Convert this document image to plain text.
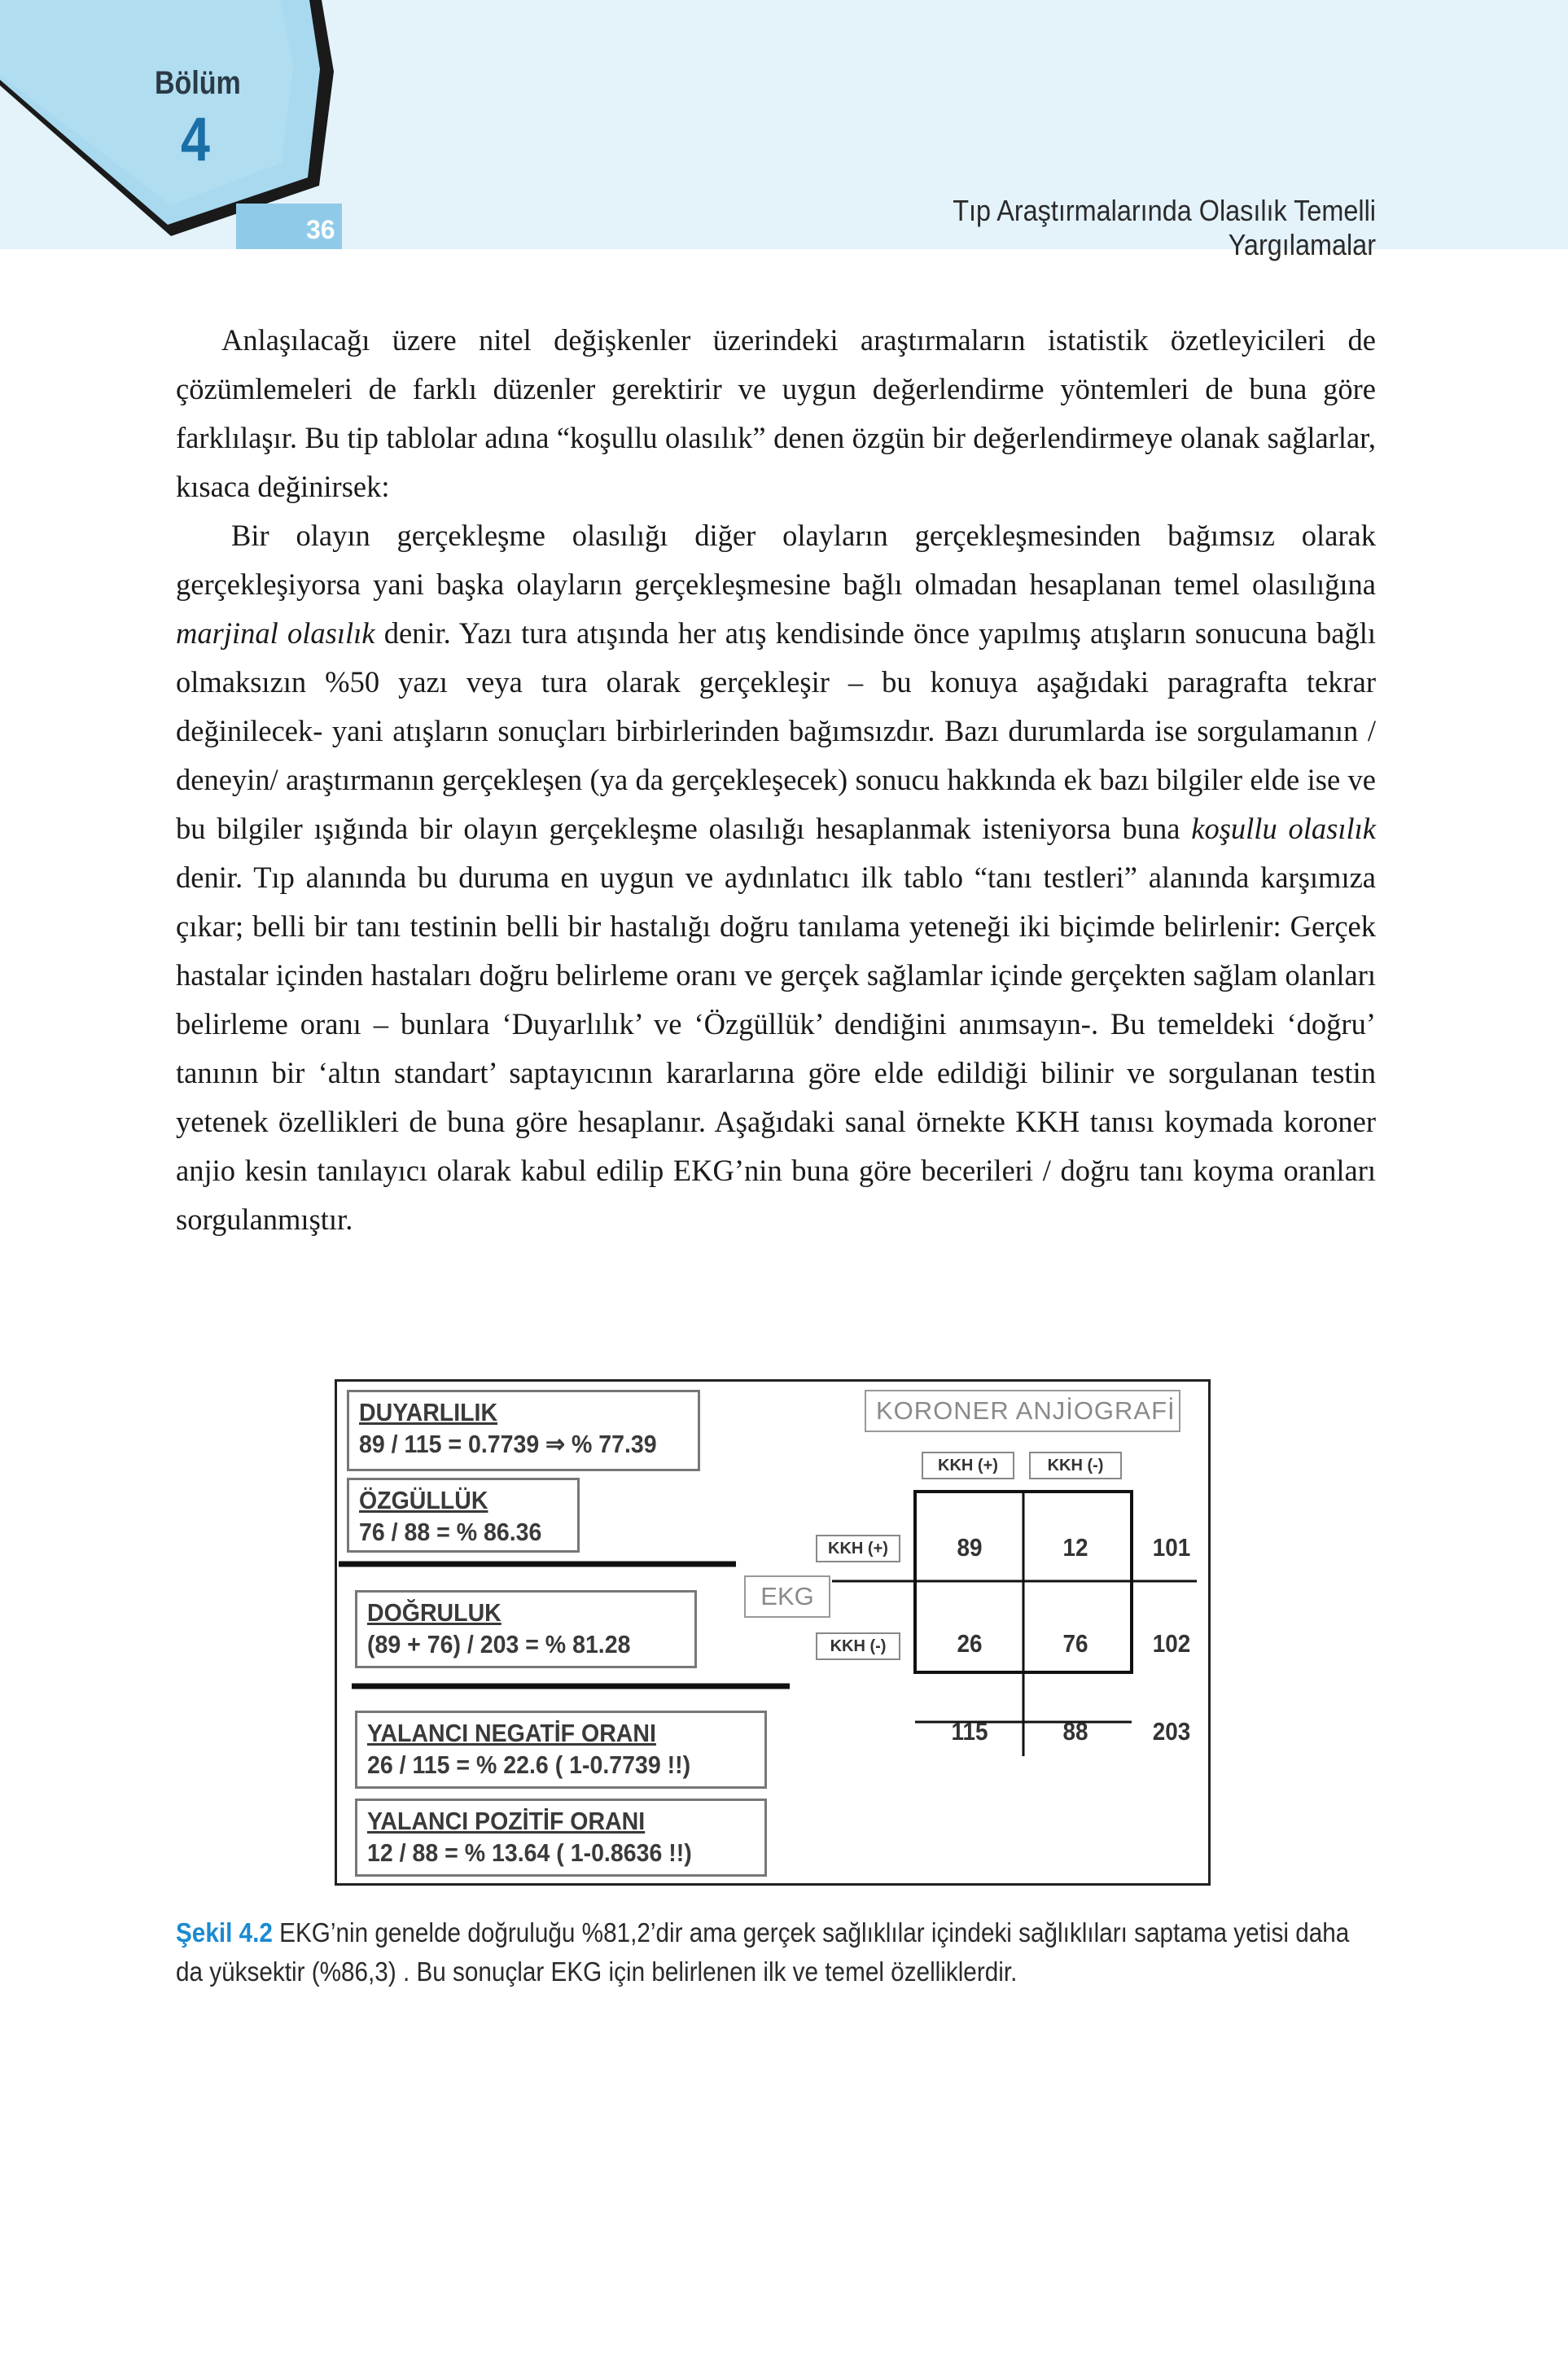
Bölüm
4
36
Tıp Araştırmalarında Olasılık Temelli Yargılamalar

Anlaşılacağı üzere nitel değişkenler üzerindeki araştırmaların istatistik özetleyicileri de çözümlemeleri de farklı düzenler gerektirir ve uygun değerlendirme yöntemleri de buna göre farklılaşır. Bu tip tablolar adına “koşullu olasılık” denen özgün bir değerlendirmeye olanak sağlarlar, kısaca değinirsek:

Bir olayın gerçekleşme olasılığı diğer olayların gerçekleşmesinden bağımsız olarak gerçekleşiyorsa yani başka olayların gerçekleşmesine bağlı olmadan hesaplanan temel olasılığına marjinal olasılık denir. Yazı tura atışında her atış kendisinde önce yapılmış atışların sonucuna bağlı olmaksızın %50 yazı veya tura olarak gerçekleşir – bu konuya aşağıdaki paragrafta tekrar değinilecek- yani atışların sonuçları birbirlerinden bağımsızdır. Bazı durumlarda ise sorgulamanın / deneyin/ araştırmanın gerçekleşen (ya da gerçekleşecek) sonucu hakkında ek bazı bilgiler elde ise ve bu bilgiler ışığında bir olayın gerçekleşme olasılığı hesaplanmak isteniyorsa buna koşullu olasılık denir. Tıp alanında bu duruma en uygun ve aydınlatıcı ilk tablo “tanı testleri” alanında karşımıza çıkar; belli bir tanı testinin belli bir hastalığı doğru tanılama yeteneği iki biçimde belirlenir: Gerçek hastalar içinden hastaları doğru belirleme oranı ve gerçek sağlamlar içinde gerçekten sağlam olanları belirleme oranı – bunlara ‘Duyarlılık’ ve ‘Özgüllük’ dendiğini anımsayın-. Bu temeldeki ‘doğru’ tanının bir ‘altın standart’ saptayıcının kararlarına göre elde edildiği bilinir ve sorgulanan testin yetenek özellikleri de buna göre hesaplanır. Aşağıdaki sanal örnekte KKH tanısı koymada koroner anjio kesin tanılayıcı olarak kabul edilip EKG’nin buna göre becerileri / doğru tanı koyma oranları sorgulanmıştır.

DUYARLILIK
89 / 115 = 0.7739 ⇒ % 77.39
ÖZGÜLLÜK
76 / 88 = % 86.36
DOĞRULUK
(89 + 76) / 203 = % 81.28
YALANCI NEGATİF ORANI
26 / 115 = % 22.6 ( 1-0.7739 !!)
YALANCI POZİTİF ORANI
12 / 88 = % 13.64 ( 1-0.8636 !!)
KORONER ANJİOGRAFİ
EKG
KKH (+)	KKH (-)
KKH (+)
KKH (-)
89	12	101
26	76	102
115	88	203
Şekil 4.2 EKG’nin genelde doğruluğu %81,2’dir ama gerçek sağlıklılar içindeki sağlıklıları saptama yetisi daha da yüksektir (%86,3) . Bu sonuçlar EKG için belirlenen ilk ve temel özelliklerdir.
